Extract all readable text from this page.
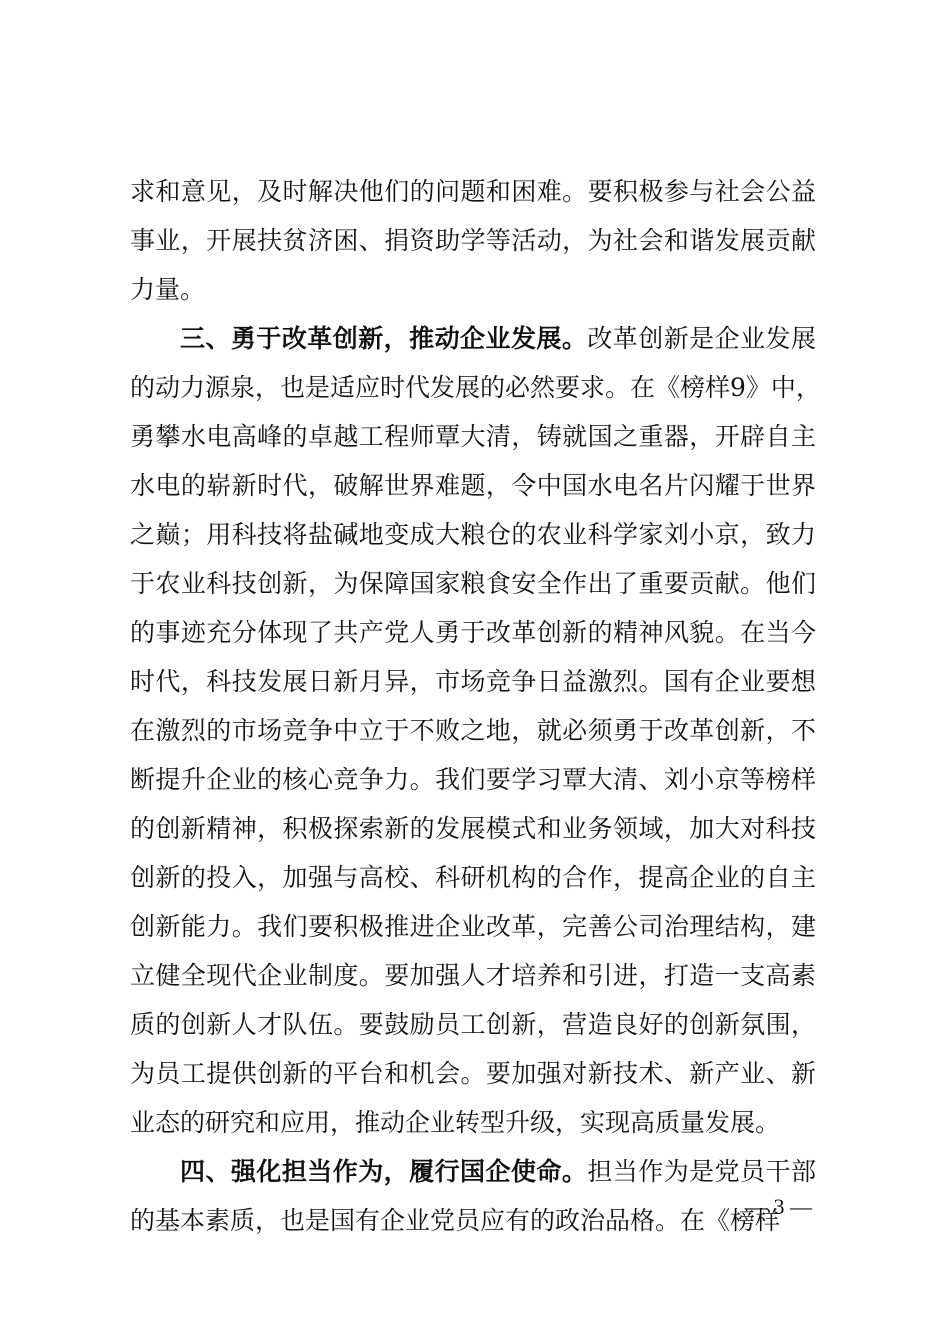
求和意见，及时解决他们的问题和困难。要积极参与社会公益
事业，开展扶贫济困、捐资助学等活动，为社会和谐发展贡献
力量。
三、勇于改革创新，推动企业发展。改革创新是企业发展
的动力源泉，也是适应时代发展的必然要求。在《榜样9》中，
勇攀水电高峰的卓越工程师覃大清，铸就国之重器，开辟自主
水电的崭新时代，破解世界难题，令中国水电名片闪耀于世界
之巅；用科技将盐碱地变成大粮仓的农业科学家刘小京，致力
于农业科技创新，为保障国家粮食安全作出了重要贡献。他们
的事迹充分体现了共产党人勇于改革创新的精神风貌。在当今
时代，科技发展日新月异，市场竞争日益激烈。国有企业要想
在激烈的市场竞争中立于不败之地，就必须勇于改革创新，不
断提升企业的核心竞争力。我们要学习覃大清、刘小京等榜样
的创新精神，积极探索新的发展模式和业务领域，加大对科技
创新的投入，加强与高校、科研机构的合作，提高企业的自主
创新能力。我们要积极推进企业改革，完善公司治理结构，建
立健全现代企业制度。要加强人才培养和引进，打造一支高素
质的创新人才队伍。要鼓励员工创新，营造良好的创新氛围，
为员工提供创新的平台和机会。要加强对新技术、新产业、新
业态的研究和应用，推动企业转型升级，实现高质量发展。
四、强化担当作为，履行国企使命。担当作为是党员干部
的基本素质，也是国有企业党员应有的政治品格。在《榜样
— 3 —
